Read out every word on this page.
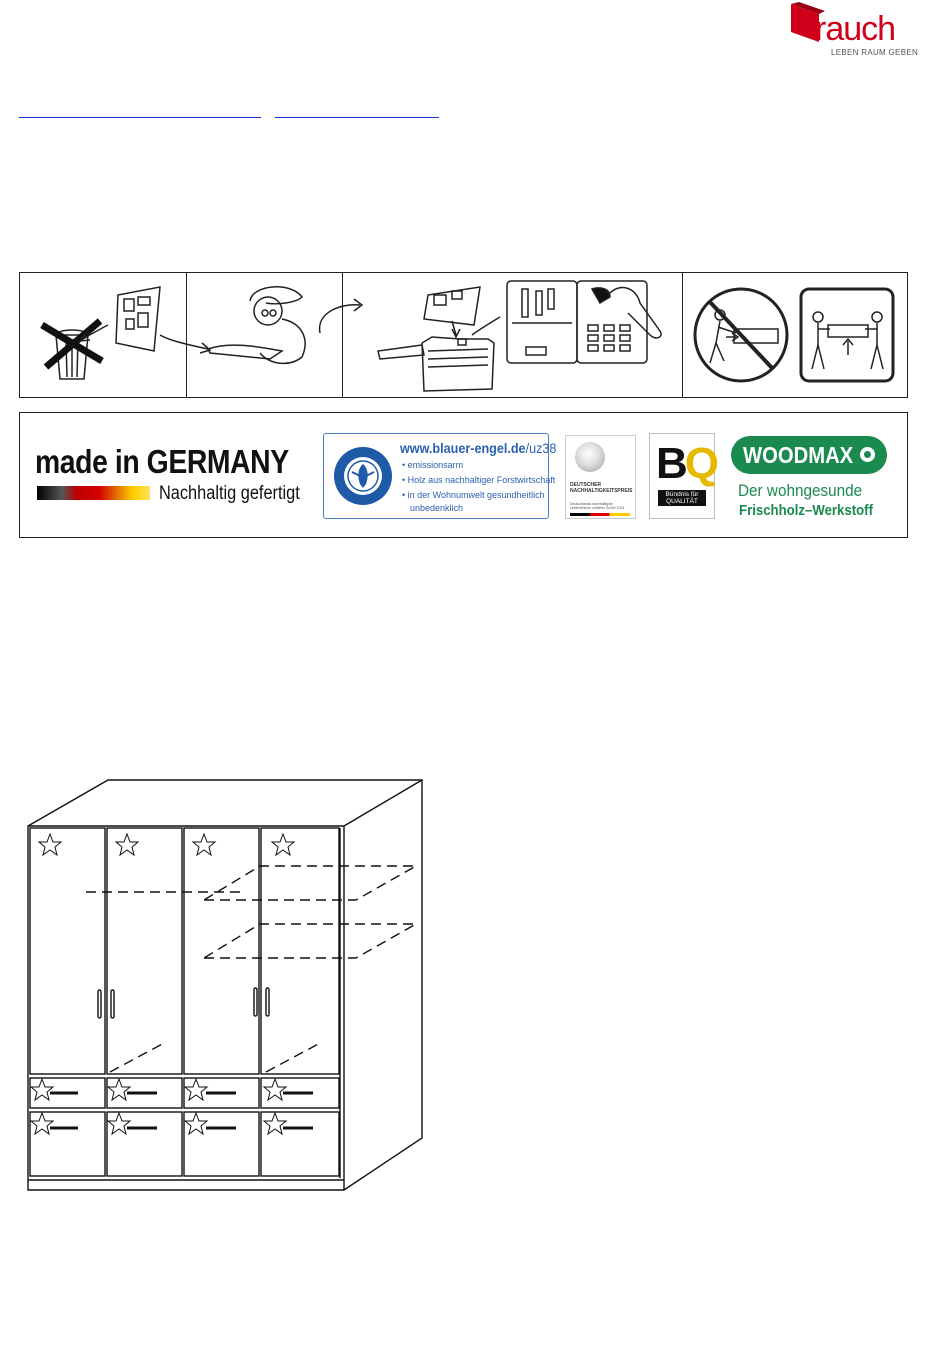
rauch
LEBEN RAUM GEBEN
made in GERMANY
Nachhaltig gefertigt
www.blauer-engel.de/uz38
• emissionsarm
• Holz aus nachhaltiger Forstwirtschaft
• in der Wohnumwelt gesundheitlich
unbedenklich
DEUTSCHER
NACHHALTIGKEITSPREIS
Deutschlands nachhaltigste
Unternehmen mittlerer Größe 2014
BQ
Bündnis für
QUALITÄT
WOODMAX
Der wohngesunde
Frischholz–Werkstoff
